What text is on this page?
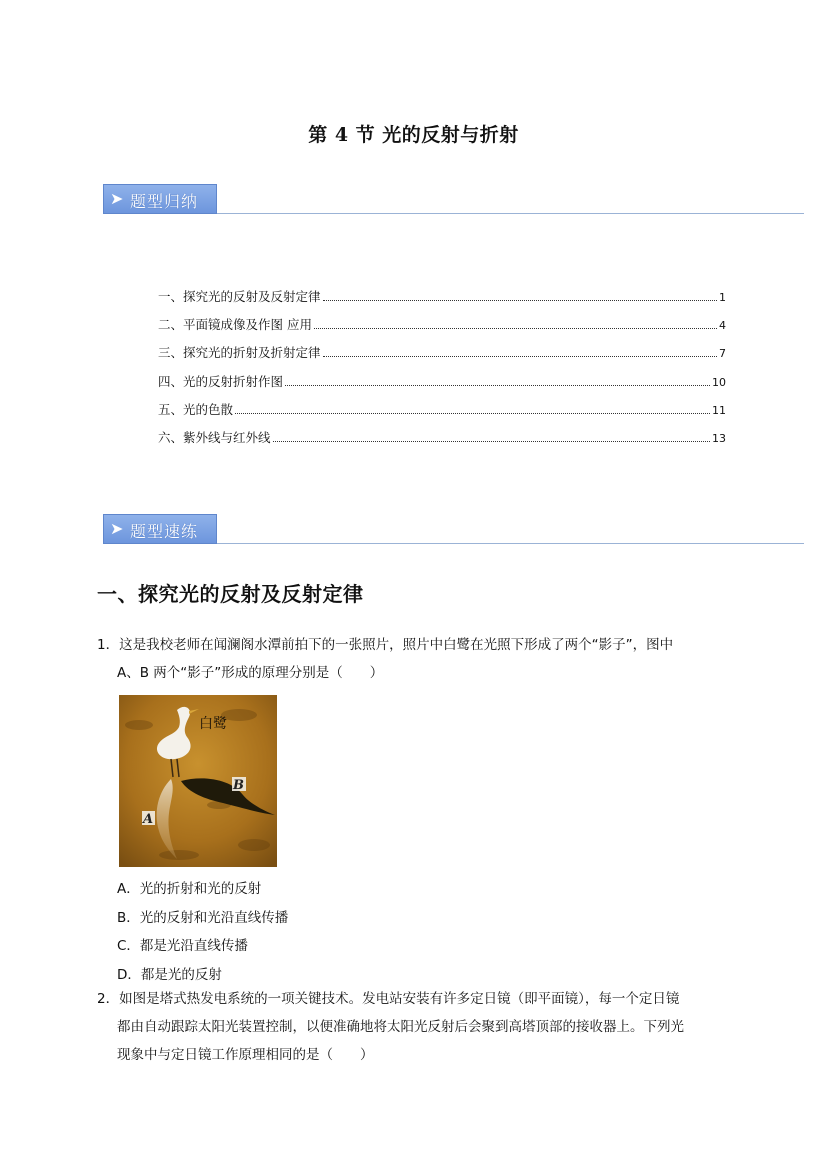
第 4 节 光的反射与折射
➤ 题型归纳
一、探究光的反射及反射定律	1
二、平面镜成像及作图 应用	4
三、探究光的折射及折射定律	7
四、光的反射折射作图	10
五、光的色散	11
六、紫外线与红外线	13
➤ 题型速练
一、探究光的反射及反射定律
1．这是我校老师在闻澜阁水潭前拍下的一张照片，照片中白鹭在光照下形成了两个“影子”，图中
A、B 两个“影子”形成的原理分别是（　　）
白鹭
B
A
A．光的折射和光的反射
B．光的反射和光沿直线传播
C．都是光沿直线传播
D．都是光的反射
2．如图是塔式热发电系统的一项关键技术。发电站安装有许多定日镜（即平面镜），每一个定日镜
都由自动跟踪太阳光装置控制，以便准确地将太阳光反射后会聚到高塔顶部的接收器上。下列光
现象中与定日镜工作原理相同的是（　　）
